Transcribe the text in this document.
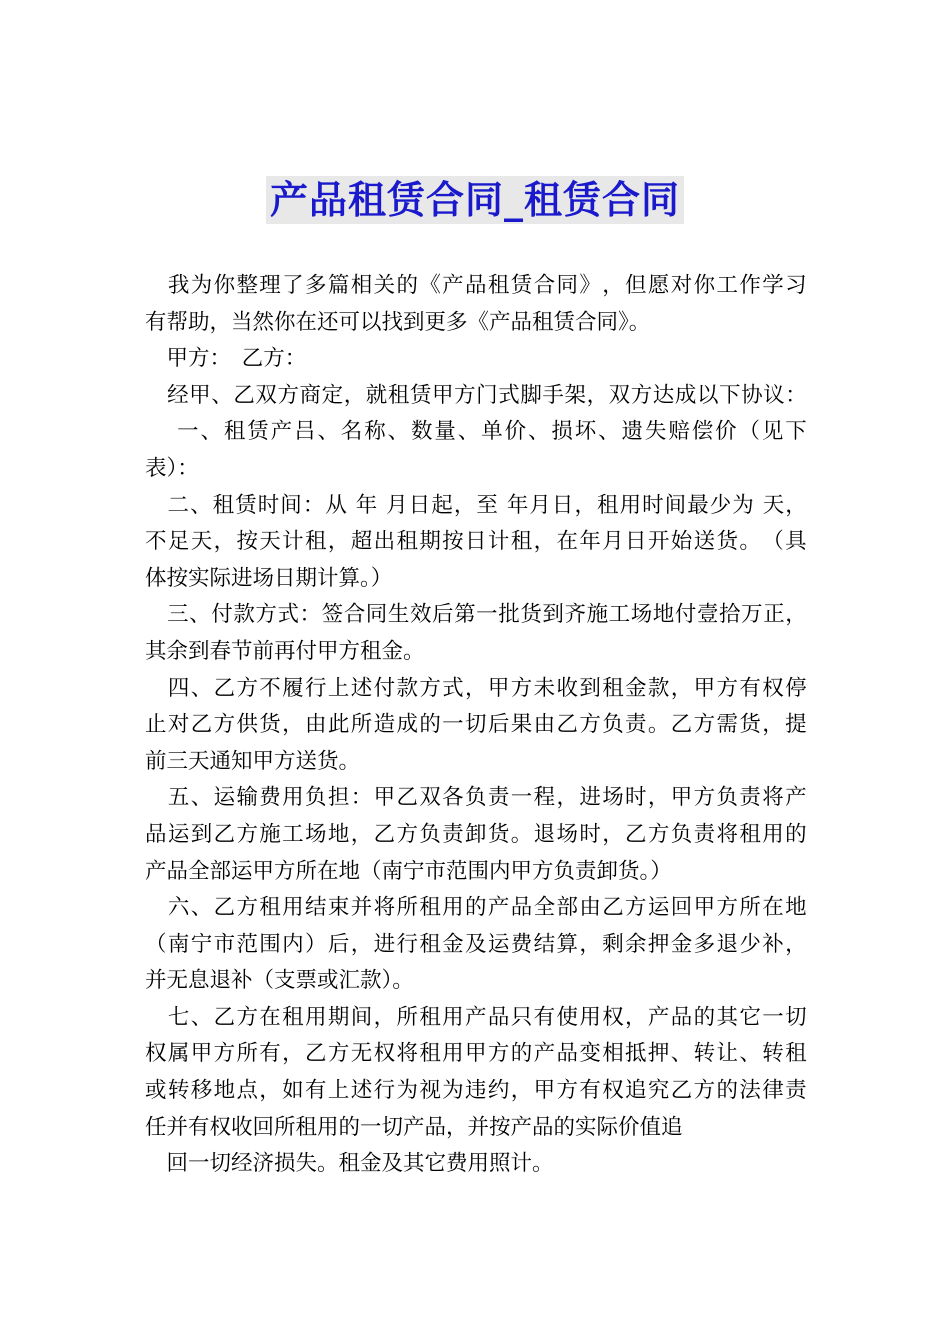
产品租赁合同_租赁合同

我 为 你 整 理 了 多 篇 相 关 的 《 产 品 租 赁 合 同 》 ， 但 愿 对 你 工 作 学 习
有帮助，当然你在还可以找到更多《产品租赁合同》。
　甲方：　乙方：

经 甲 、 乙 双 方 商 定 ， 就 租 赁 甲 方 门 式 脚 手 架 ， 双 方 达 成 以 下 协 议 ：

一 、 租 赁 产 吕 、 名 称 、 数 量 、 单 价 、 损 坏 、 遗 失 赔 偿 价 （ 见 下
表）：

二 、 租 赁 时 间 ： 从
年
月 日 起 ， 至
年 月 日 ， 租 用 时 间 最 少 为
天 ，
不 足 天 ， 按 天 计 租 ， 超 出 租 期 按 日 计 租 ， 在 年 月 日 开 始 送 货 。 （ 具
体按实际进场日期计算。）

三 、 付 款 方 式 ： 签 合 同 生 效 后 第 一 批 货 到 齐 施 工 场 地 付 壹 拾 万 正 ，
其余到春节前再付甲方租金。

四 、 乙 方 不 履 行 上 述 付 款 方 式 ， 甲 方 未 收 到 租 金 款 ， 甲 方 有 权 停
止 对 乙 方 供 货 ， 由 此 所 造 成 的 一 切 后 果 由 乙 方 负 责 。 乙 方 需 货 ， 提
前三天通知甲方送货。

五 、 运 输 费 用 负 担 ： 甲 乙 双 各 负 责 一 程 ， 进 场 时 ， 甲 方 负 责 将 产
品 运 到 乙 方 施 工 场 地 ， 乙 方 负 责 卸 货 。 退 场 时 ， 乙 方 负 责 将 租 用 的
产品全部运甲方所在地（南宁市范围内甲方负责卸货。）

六 、 乙 方 租 用 结 束 并 将 所 租 用 的 产 品 全 部 由 乙 方 运 回 甲 方 所 在 地
（ 南 宁 市 范 围 内 ） 后 ， 进 行 租 金 及 运 费 结 算 ， 剩 余 押 金 多 退 少 补 ，
并无息退补（支票或汇款）。

七 、 乙 方 在 租 用 期 间 ， 所 租 用 产 品 只 有 使 用 权 ， 产 品 的 其 它 一 切
权 属 甲 方 所 有 ， 乙 方 无 权 将 租 用 甲 方 的 产 品 变 相 抵 押 、 转 让 、 转 租
或 转 移 地 点 ， 如 有 上 述 行 为 视 为 违 约 ， 甲 方 有 权 追 究 乙 方 的 法 律 责
任并有权收回所租用的一切产品，并按产品的实际价值追
　回一切经济损失。租金及其它费用照计。
